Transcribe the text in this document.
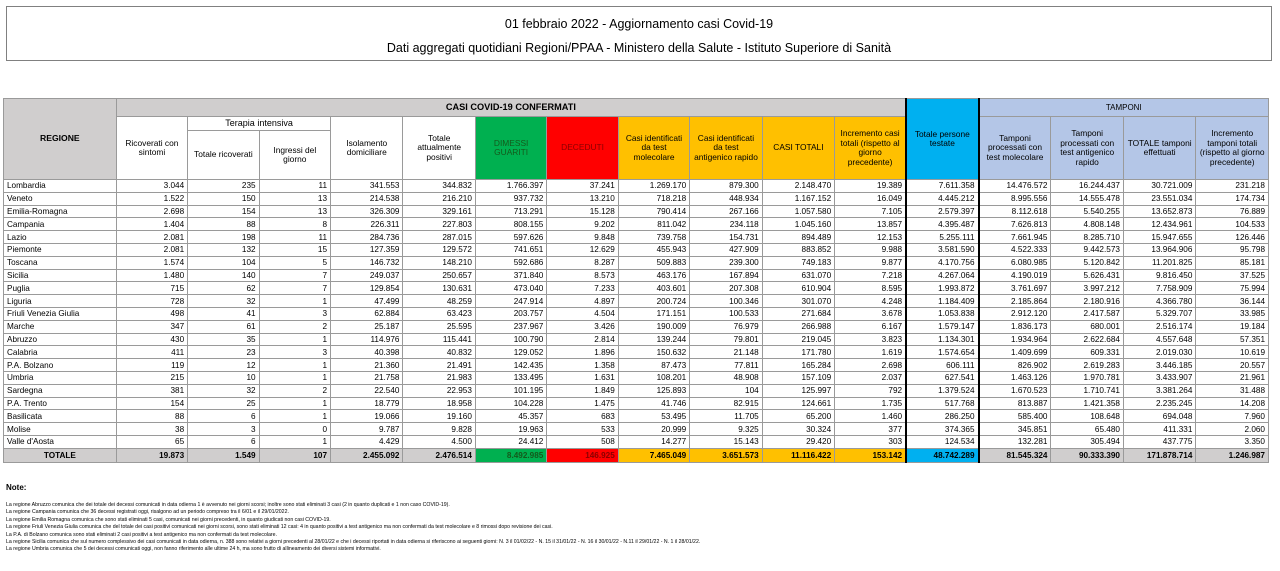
01 febbraio 2022 - Aggiornamento casi Covid-19
Dati aggregati quotidiani Regioni/PPAA - Ministero della Salute - Istituto Superiore di Sanità
REGIONE	CASI COVID-19 CONFERMATI											Totale persone testate	TAMPONI			
	Ricoverati con sintomi	Terapia intensiva		Isolamento domiciliare	Totale attualmente positivi	DIMESSI GUARITI	DECEDUTI	Casi identificati da test molecolare	Casi identificati da test antigenico rapido	CASI TOTALI	Incremento casi totali (rispetto al giorno precedente)		Tamponi processati con test molecolare	Tamponi processati con test antigenico rapido	TOTALE tamponi effettuati	Incremento tamponi totali (rispetto al giorno precedente)
		Totale ricoverati	Ingressi del giorno													
Lombardia	3.044	235	11	341.553	344.832	1.766.397	37.241	1.269.170	879.300	2.148.470	19.389	7.611.358	14.476.572	16.244.437	30.721.009	231.218
Veneto	1.522	150	13	214.538	216.210	937.732	13.210	718.218	448.934	1.167.152	16.049	4.445.212	8.995.556	14.555.478	23.551.034	174.734
Emilia-Romagna	2.698	154	13	326.309	329.161	713.291	15.128	790.414	267.166	1.057.580	7.105	2.579.397	8.112.618	5.540.255	13.652.873	76.889
Campania	1.404	88	8	226.311	227.803	808.155	9.202	811.042	234.118	1.045.160	13.857	4.395.487	7.626.813	4.808.148	12.434.961	104.533
Lazio	2.081	198	11	284.736	287.015	597.626	9.848	739.758	154.731	894.489	12.153	5.255.111	7.661.945	8.285.710	15.947.655	126.446
Piemonte	2.081	132	15	127.359	129.572	741.651	12.629	455.943	427.909	883.852	9.988	3.581.590	4.522.333	9.442.573	13.964.906	95.798
Toscana	1.574	104	5	146.732	148.210	592.686	8.287	509.883	239.300	749.183	9.877	4.170.756	6.080.985	5.120.842	11.201.825	85.181
Sicilia	1.480	140	7	249.037	250.657	371.840	8.573	463.176	167.894	631.070	7.218	4.267.064	4.190.019	5.626.431	9.816.450	37.525
Puglia	715	62	7	129.854	130.631	473.040	7.233	403.601	207.308	610.904	8.595	1.993.872	3.761.697	3.997.212	7.758.909	75.994
Liguria	728	32	1	47.499	48.259	247.914	4.897	200.724	100.346	301.070	4.248	1.184.409	2.185.864	2.180.916	4.366.780	36.144
Friuli Venezia Giulia	498	41	3	62.884	63.423	203.757	4.504	171.151	100.533	271.684	3.678	1.053.838	2.912.120	2.417.587	5.329.707	33.985
Marche	347	61	2	25.187	25.595	237.967	3.426	190.009	76.979	266.988	6.167	1.579.147	1.836.173	680.001	2.516.174	19.184
Abruzzo	430	35	1	114.976	115.441	100.790	2.814	139.244	79.801	219.045	3.823	1.134.301	1.934.964	2.622.684	4.557.648	57.351
Calabria	411	23	3	40.398	40.832	129.052	1.896	150.632	21.148	171.780	1.619	1.574.654	1.409.699	609.331	2.019.030	10.619
P.A. Bolzano	119	12	1	21.360	21.491	142.435	1.358	87.473	77.811	165.284	2.698	606.111	826.902	2.619.283	3.446.185	20.557
Umbria	215	10	1	21.758	21.983	133.495	1.631	108.201	48.908	157.109	2.037	627.541	1.463.126	1.970.781	3.433.907	21.961
Sardegna	381	32	2	22.540	22.953	101.195	1.849	125.893	104	125.997	792	1.379.524	1.670.523	1.710.741	3.381.264	31.488
P.A. Trento	154	25	1	18.779	18.958	104.228	1.475	41.746	82.915	124.661	1.735	517.768	813.887	1.421.358	2.235.245	14.208
Basilicata	88	6	1	19.066	19.160	45.357	683	53.495	11.705	65.200	1.460	286.250	585.400	108.648	694.048	7.960
Molise	38	3	0	9.787	9.828	19.963	533	20.999	9.325	30.324	377	374.365	345.851	65.480	411.331	2.060
Valle d'Aosta	65	6	1	4.429	4.500	24.412	508	14.277	15.143	29.420	303	124.534	132.281	305.494	437.775	3.350
TOTALE	19.873	1.549	107	2.455.092	2.476.514	8.492.985	146.925	7.465.049	3.651.573	11.116.422	153.142	48.742.289	81.545.324	90.333.390	171.878.714	1.246.987
Note:
La regione Abruzzo comunica che dei totale dei decessi comunicati in data odierna 1 è avvenuto nei giorni scorsi; inoltre sono stati eliminati 3 casi (2 in quanto duplicati e 1 non caso COVID-19).
La regione Campania comunica che 36 decessi registrati oggi, risalgono ad un periodo compreso tra il 6/01 e il 29/01/2022.
La regione Emilia Romagna comunica che sono stati eliminati 5 casi, comunicati nei giorni precedenti, in quanto giudicati non casi COVID-19.
La regione Friuli Venezia Giulia comunica che del totale dei casi positivi comunicati nei giorni scorsi, sono stati eliminati 12 casi: 4 in quanto positivi a test antigenico ma non confermati da test molecolare e 8 rimossi dopo revisione dei casi.
La P.A. di Bolzano comunica sono stati eliminati 2 casi positivi a test antigenico ma non confermati da test molecolare.
La regione Sicilia comunica che sul numero complessivo dei casi comunicati in data odierna, n. 388 sono relativi a giorni precedenti al 28/01/22 e che i decessi riportati in data odierna si riferiscono ai seguenti giorni: N. 3 il 01/02/22 - N. 15 il 31/01/22 - N. 16 il 30/01/22 - N.11 il 29/01/22 - N. 1 il 28/01/22.
La regione Umbria comunica che 5 dei decessi comunicati oggi, non fanno riferimento alle ultime 24 h, ma sono frutto di allineamento dei diversi sistemi informativi.
